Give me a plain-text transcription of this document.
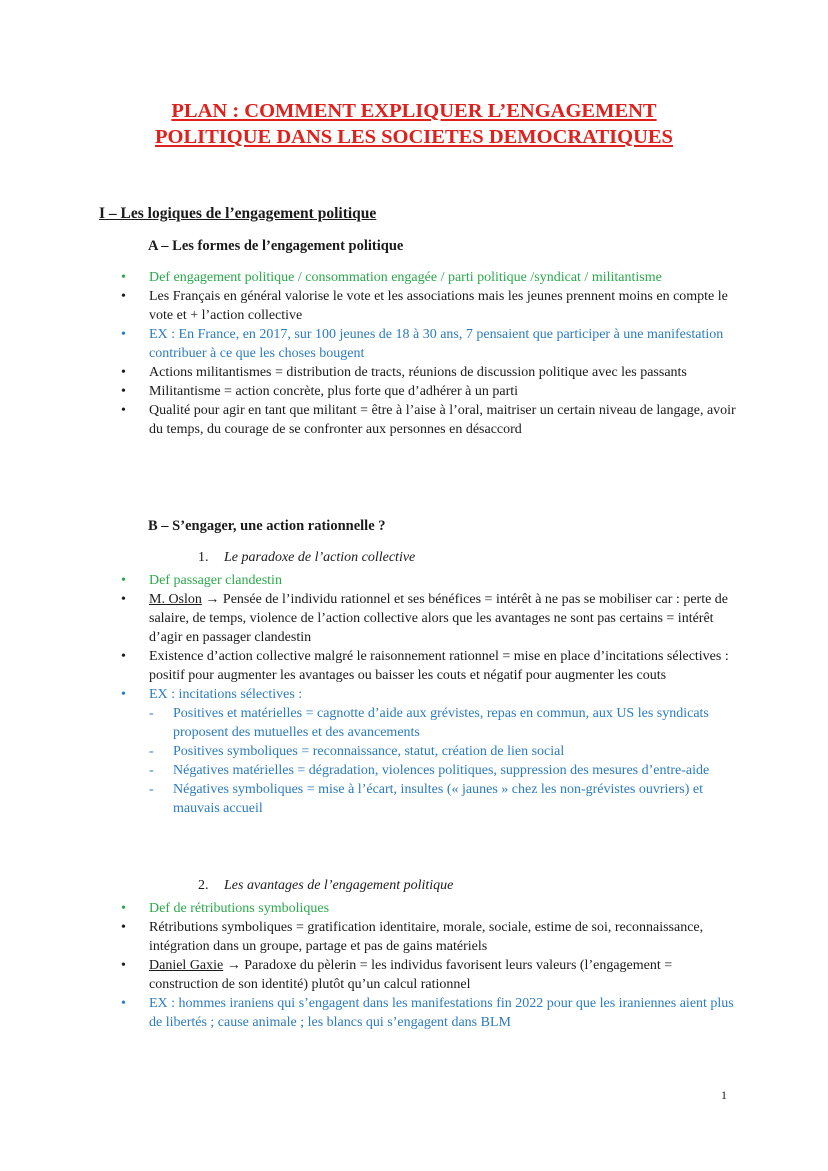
PLAN : COMMENT EXPLIQUER L’ENGAGEMENT
POLITIQUE DANS LES SOCIETES DEMOCRATIQUES
I – Les logiques de l’engagement politique
A – Les formes de l’engagement politique
• Def engagement politique / consommation engagée / parti politique /syndicat / militantisme
• Les Français en général valorise le vote et les associations mais les jeunes prennent moins en compte le vote et + l’action collective
• EX : En France, en 2017, sur 100 jeunes de 18 à 30 ans, 7 pensaient que participer à une manifestation contribuer à ce que les choses bougent
• Actions militantismes = distribution de tracts, réunions de discussion politique avec les passants
• Militantisme = action concrète, plus forte que d’adhérer à un parti
• Qualité pour agir en tant que militant = être à l’aise à l’oral, maitriser un certain niveau de langage, avoir du temps, du courage de se confronter aux personnes en désaccord
B – S’engager, une action rationnelle ?
1. Le paradoxe de l’action collective
• Def passager clandestin
• M. Oslon → Pensée de l’individu rationnel et ses bénéfices = intérêt à ne pas se mobiliser car : perte de salaire, de temps, violence de l’action collective alors que les avantages ne sont pas certains = intérêt d’agir en passager clandestin
• Existence d’action collective malgré le raisonnement rationnel = mise en place d’incitations sélectives : positif pour augmenter les avantages ou baisser les couts et négatif pour augmenter les couts
• EX : incitations sélectives :
- Positives et matérielles = cagnotte d’aide aux grévistes, repas en commun, aux US les syndicats proposent des mutuelles et des avancements
- Positives symboliques = reconnaissance, statut, création de lien social
- Négatives matérielles = dégradation, violences politiques, suppression des mesures d’entre-aide
- Négatives symboliques = mise à l’écart, insultes (« jaunes » chez les non-grévistes ouvriers) et mauvais accueil
2. Les avantages de l’engagement politique
• Def de rétributions symboliques
• Rétributions symboliques = gratification identitaire, morale, sociale, estime de soi, reconnaissance, intégration dans un groupe, partage et pas de gains matériels
• Daniel Gaxie → Paradoxe du pèlerin = les individus favorisent leurs valeurs (l’engagement = construction de son identité) plutôt qu’un calcul rationnel
• EX : hommes iraniens qui s’engagent dans les manifestations fin 2022 pour que les iraniennes aient plus de libertés ; cause animale ; les blancs qui s’engagent dans BLM
1
